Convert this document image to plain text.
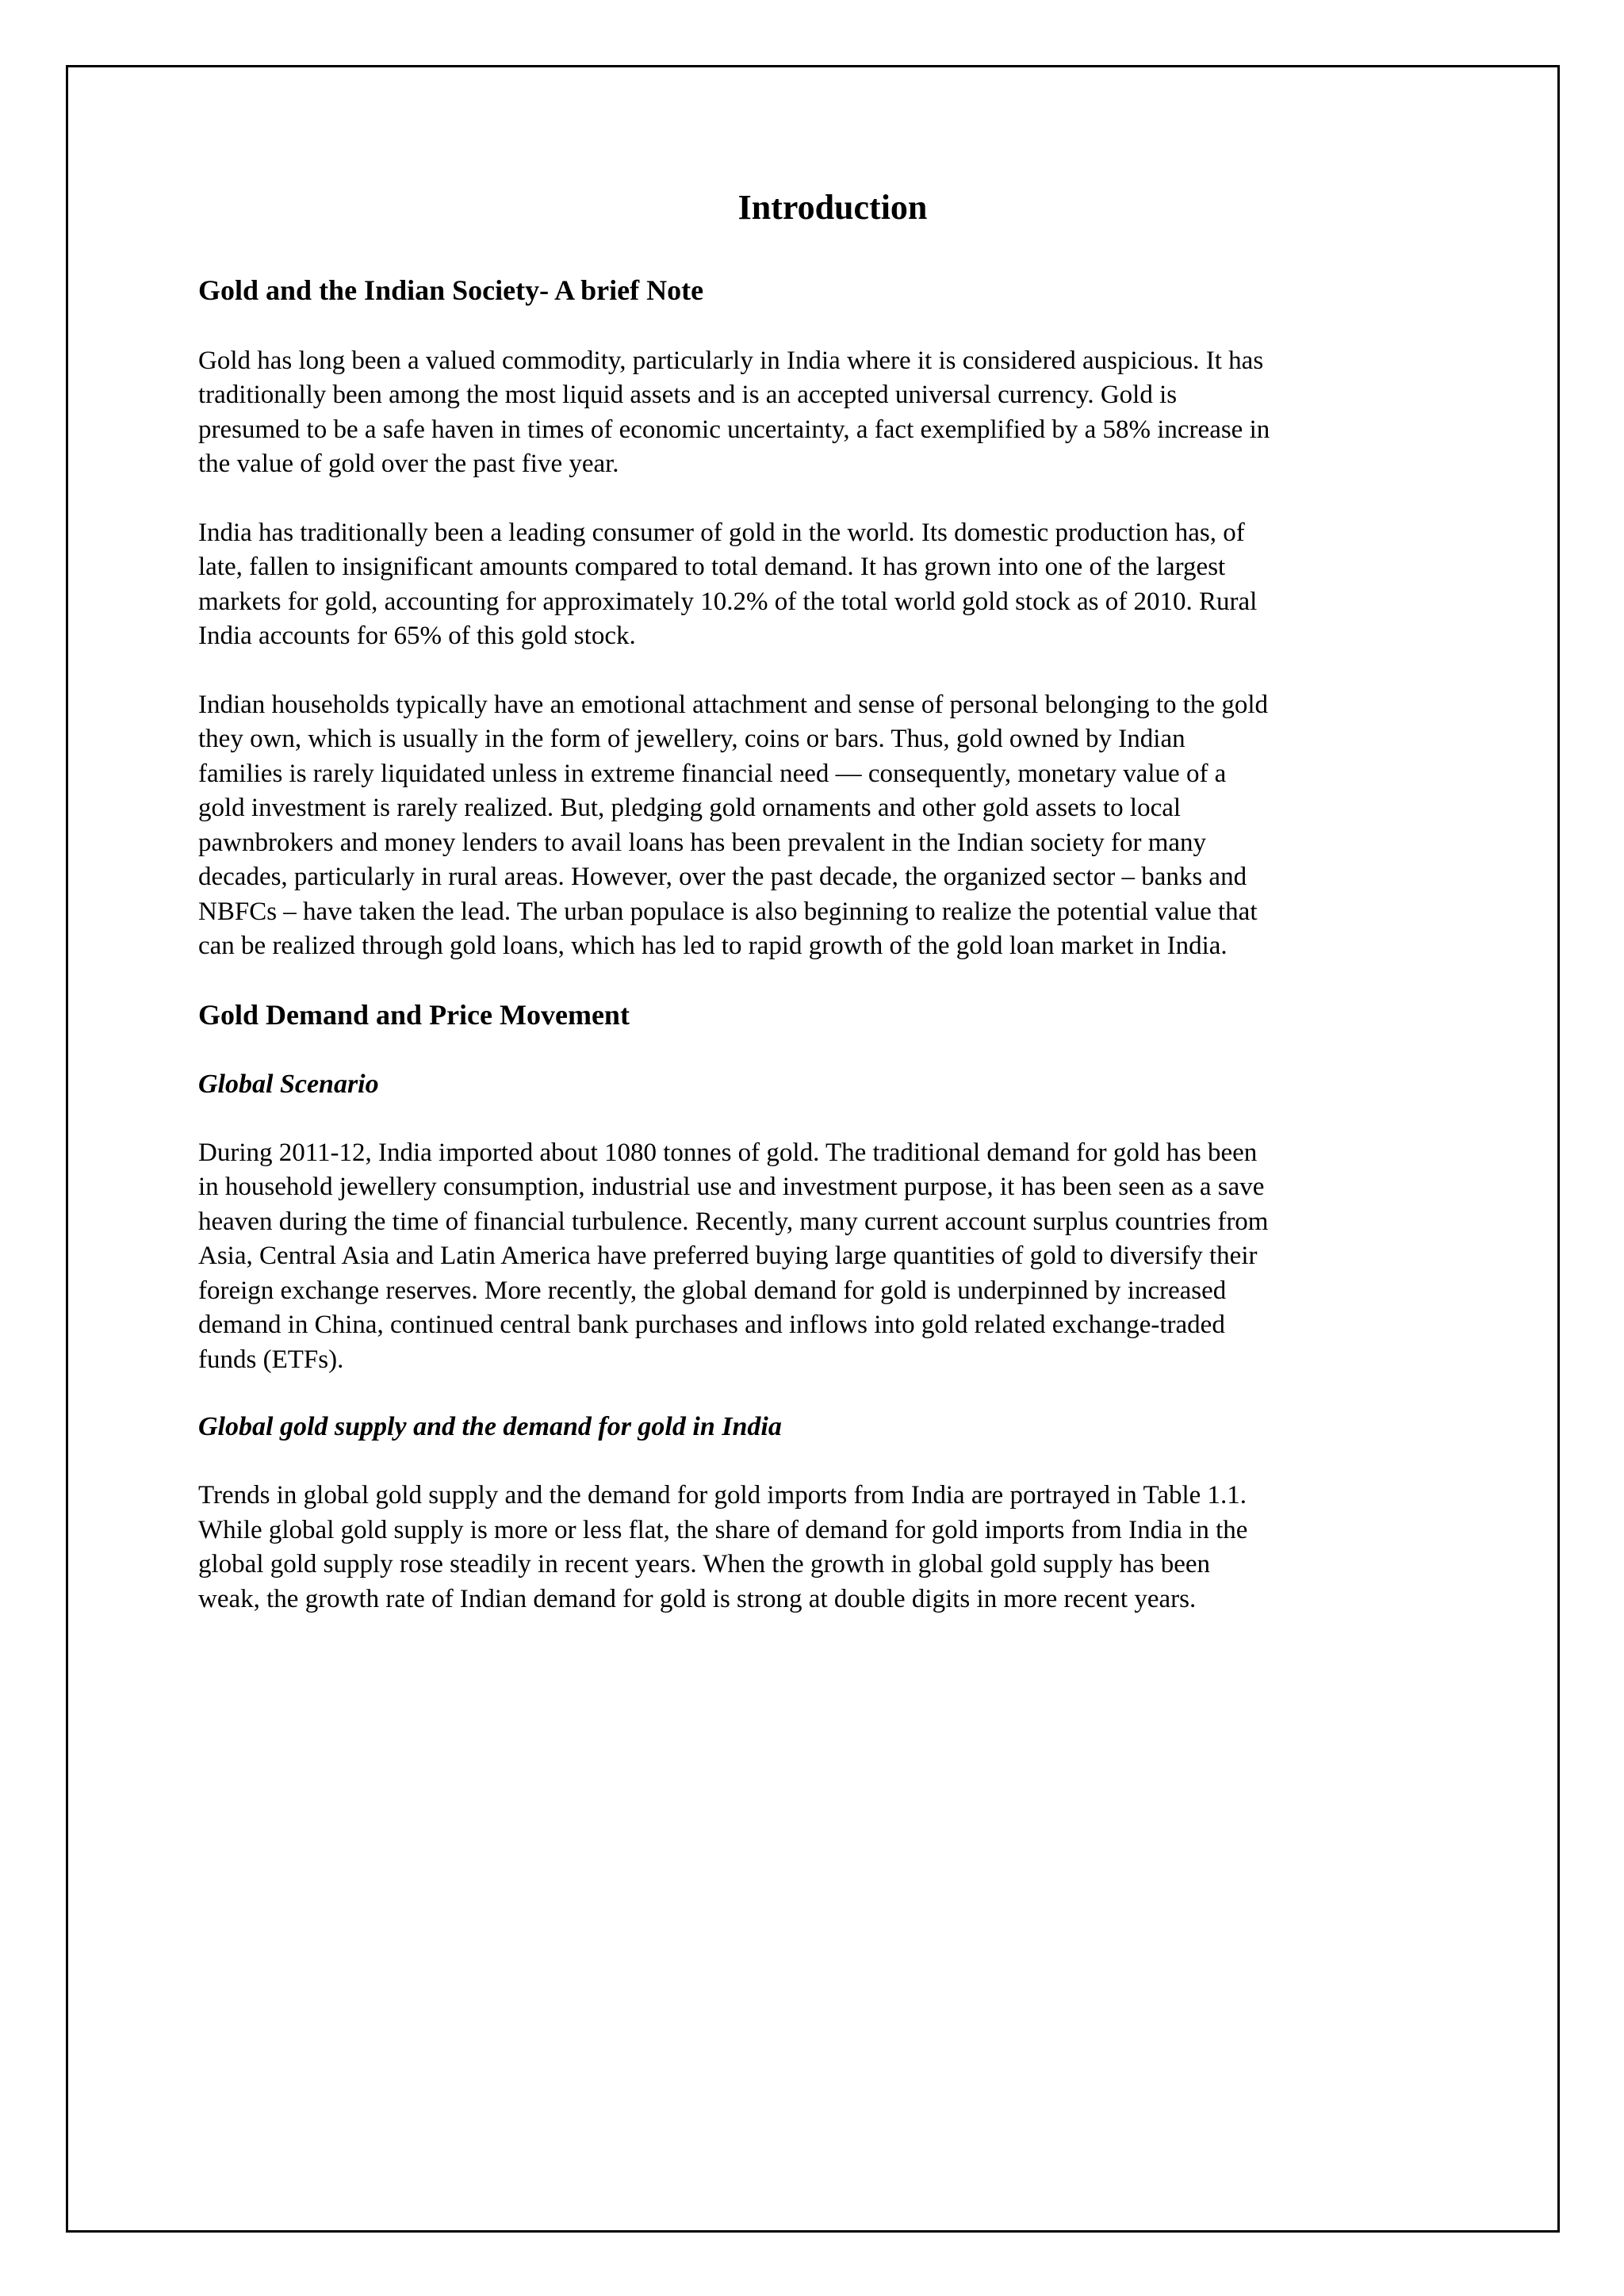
Introduction
Gold and the Indian Society- A brief Note

Gold has long been a valued commodity, particularly in India where it is considered auspicious. It has
traditionally been among the most liquid assets and is an accepted universal currency. Gold is
presumed to be a safe haven in times of economic uncertainty, a fact exemplified by a 58% increase in
the value of gold over the past five year.

India has traditionally been a leading consumer of gold in the world. Its domestic production has, of
late, fallen to insignificant amounts compared to total demand. It has grown into one of the largest
markets for gold, accounting for approximately 10.2% of the total world gold stock as of 2010. Rural
India accounts for 65% of this gold stock.

Indian households typically have an emotional attachment and sense of personal belonging to the gold
they own, which is usually in the form of jewellery, coins or bars. Thus, gold owned by Indian
families is rarely liquidated unless in extreme financial need — consequently, monetary value of a
gold investment is rarely realized. But, pledging gold ornaments and other gold assets to local
pawnbrokers and money lenders to avail loans has been prevalent in the Indian society for many
decades, particularly in rural areas. However, over the past decade, the organized sector – banks and
NBFCs – have taken the lead. The urban populace is also beginning to realize the potential value that
can be realized through gold loans, which has led to rapid growth of the gold loan market in India.

Gold Demand and Price Movement
Global Scenario

During 2011-12, India imported about 1080 tonnes of gold. The traditional demand for gold has been
in household jewellery consumption, industrial use and investment purpose, it has been seen as a save
heaven during the time of financial turbulence. Recently, many current account surplus countries from
Asia, Central Asia and Latin America have preferred buying large quantities of gold to diversify their
foreign exchange reserves. More recently, the global demand for gold is underpinned by increased
demand in China, continued central bank purchases and inflows into gold related exchange-traded
funds (ETFs).

Global gold supply and the demand for gold in India

Trends in global gold supply and the demand for gold imports from India are portrayed in Table 1.1.
While global gold supply is more or less flat, the share of demand for gold imports from India in the
global gold supply rose steadily in recent years. When the growth in global gold supply has been
weak, the growth rate of Indian demand for gold is strong at double digits in more recent years.
